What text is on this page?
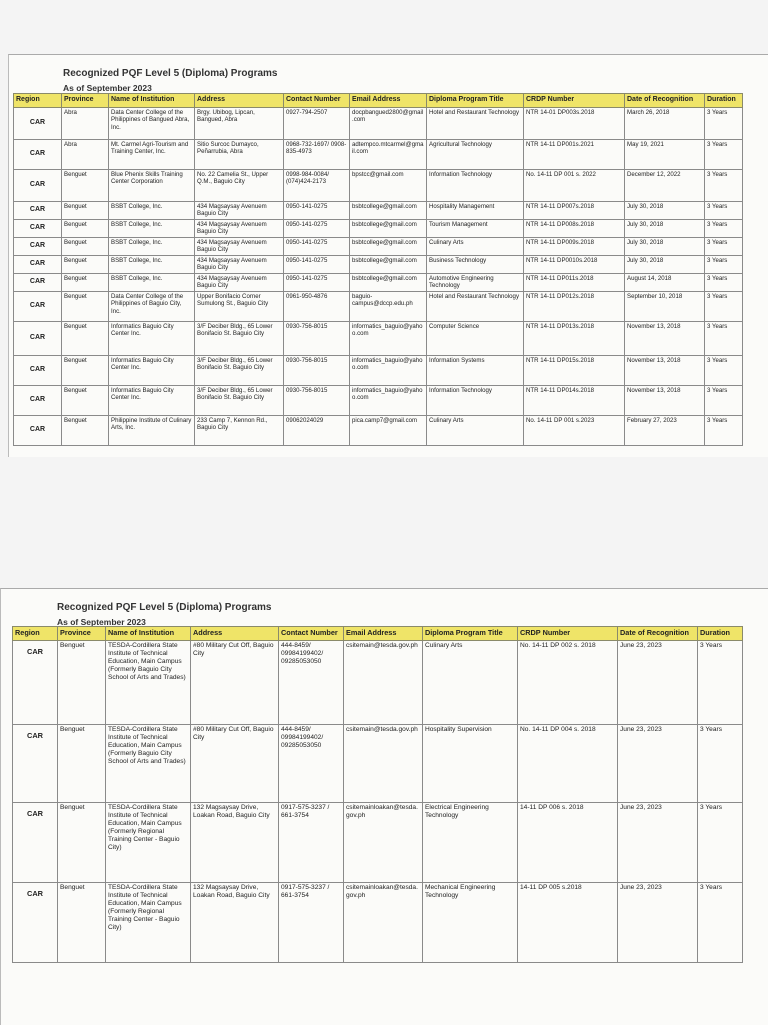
Recognized PQF Level 5 (Diploma) Programs
As of September 2023
Region	Province	Name of Institution	Address	Contact Number	Email Address	Diploma Program Title	CRDP Number	Date of Recognition	Duration
CAR	Abra	Data Center College of the Philippines of Bangued Abra, Inc.	Brgy. Ubibog, Lipcan, Bangued, Abra	0927-794-2507	docpbangued2800@gmail.com	Hotel and Restaurant Technology	NTR 14-01 DP003s.2018	March 26, 2018	3 Years
CAR	Abra	Mt. Carmel Agri-Tourism and Training Center, Inc.	Sitio Surcoc Dumayco, Peñarrubia, Abra	0968-732-1697/ 0908-835-4973	adtempco.mtcarmel@gmail.com	Agricultural Technology	NTR 14-11 DP001s.2021	May 19, 2021	3 Years
CAR	Benguet	Blue Phenix Skills Training Center Corporation	No. 22 Camelia St., Upper Q.M., Baguio City	0998-984-0084/ (074)424-2173	bpstcc@gmail.com	Information Technology	No. 14-11 DP 001 s. 2022	December 12, 2022	3 Years
CAR	Benguet	BSBT College, Inc.	434 Magsaysay Avenuem Baguio City	0950-141-0275	bsbtcollege@gmail.com	Hospitality Management	NTR 14-11 DP007s.2018	July 30, 2018	3 Years
CAR	Benguet	BSBT College, Inc.	434 Magsaysay Avenuem Baguio City	0950-141-0275	bsbtcollege@gmail.com	Tourism Management	NTR 14-11 DP008s.2018	July 30, 2018	3 Years
CAR	Benguet	BSBT College, Inc.	434 Magsaysay Avenuem Baguio City	0950-141-0275	bsbtcollege@gmail.com	Culinary Arts	NTR 14-11 DP009s.2018	July 30, 2018	3 Years
CAR	Benguet	BSBT College, Inc.	434 Magsaysay Avenuem Baguio City	0950-141-0275	bsbtcollege@gmail.com	Business Technology	NTR 14-11 DP0010s.2018	July 30, 2018	3 Years
CAR	Benguet	BSBT College, Inc.	434 Magsaysay Avenuem Baguio City	0950-141-0275	bsbtcollege@gmail.com	Automotive Engineering Technology	NTR 14-11 DP011s.2018	August 14, 2018	3 Years
CAR	Benguet	Data Center College of the Philippines of Baguio City, Inc.	Upper Bonifacio Corner Sumulong St., Baguio City	0961-950-4876	baguio-campus@dccp.edu.ph	Hotel and Restaurant Technology	NTR 14-11 DP012s.2018	September 10, 2018	3 Years
CAR	Benguet	Informatics Baguio City Center Inc.	3/F Deciber Bldg., 65 Lower Bonifacio St. Baguio City	0930-756-8015	informatics_baguio@yahoo.com	Computer Science	NTR 14-11 DP013s.2018	November 13, 2018	3 Years
CAR	Benguet	Informatics Baguio City Center Inc.	3/F Deciber Bldg., 65 Lower Bonifacio St. Baguio City	0930-756-8015	informatics_baguio@yahoo.com	Information Systems	NTR 14-11 DP015s.2018	November 13, 2018	3 Years
CAR	Benguet	Informatics Baguio City Center Inc.	3/F Deciber Bldg., 65 Lower Bonifacio St. Baguio City	0930-756-8015	informatics_baguio@yahoo.com	Information Technology	NTR 14-11 DP014s.2018	November 13, 2018	3 Years
CAR	Benguet	Philippine Institute of Culinary Arts, Inc.	233 Camp 7, Kennon Rd., Baguio City	09062024029	pica.camp7@gmail.com	Culinary Arts	No. 14-11 DP 001 s.2023	February 27, 2023	3 Years
Recognized PQF Level 5 (Diploma) Programs
As of September 2023
Region	Province	Name of Institution	Address	Contact Number	Email Address	Diploma Program Title	CRDP Number	Date of Recognition	Duration
CAR	Benguet	TESDA-Cordillera State Institute of Technical Education, Main Campus (Formerly Baguio City School of Arts and Trades)	#80 Military Cut Off, Baguio City	444-8459/ 09984199402/ 09285053050	csitemain@tesda.gov.ph	Culinary Arts	No. 14-11 DP 002 s. 2018	June 23, 2023	3 Years
CAR	Benguet	TESDA-Cordillera State Institute of Technical Education, Main Campus (Formerly Baguio City School of Arts and Trades)	#80 Military Cut Off, Baguio City	444-8459/ 09984199402/ 09285053050	csitemain@tesda.gov.ph	Hospitality Supervision	No. 14-11 DP 004 s. 2018	June 23, 2023	3 Years
CAR	Benguet	TESDA-Cordillera State Institute of Technical Education, Main Campus (Formerly Regional Training Center - Baguio City)	132 Magsaysay Drive, Loakan Road, Baguio City	0917-575-3237 / 661-3754	csitemainloakan@tesda.gov.ph	Electrical Engineering Technology	14-11 DP 006 s. 2018	June 23, 2023	3 Years
CAR	Benguet	TESDA-Cordillera State Institute of Technical Education, Main Campus (Formerly Regional Training Center - Baguio City)	132 Magsaysay Drive, Loakan Road, Baguio City	0917-575-3237 / 661-3754	csitemainloakan@tesda.gov.ph	Mechanical Engineering Technology	14-11 DP 005 s.2018	June 23, 2023	3 Years
